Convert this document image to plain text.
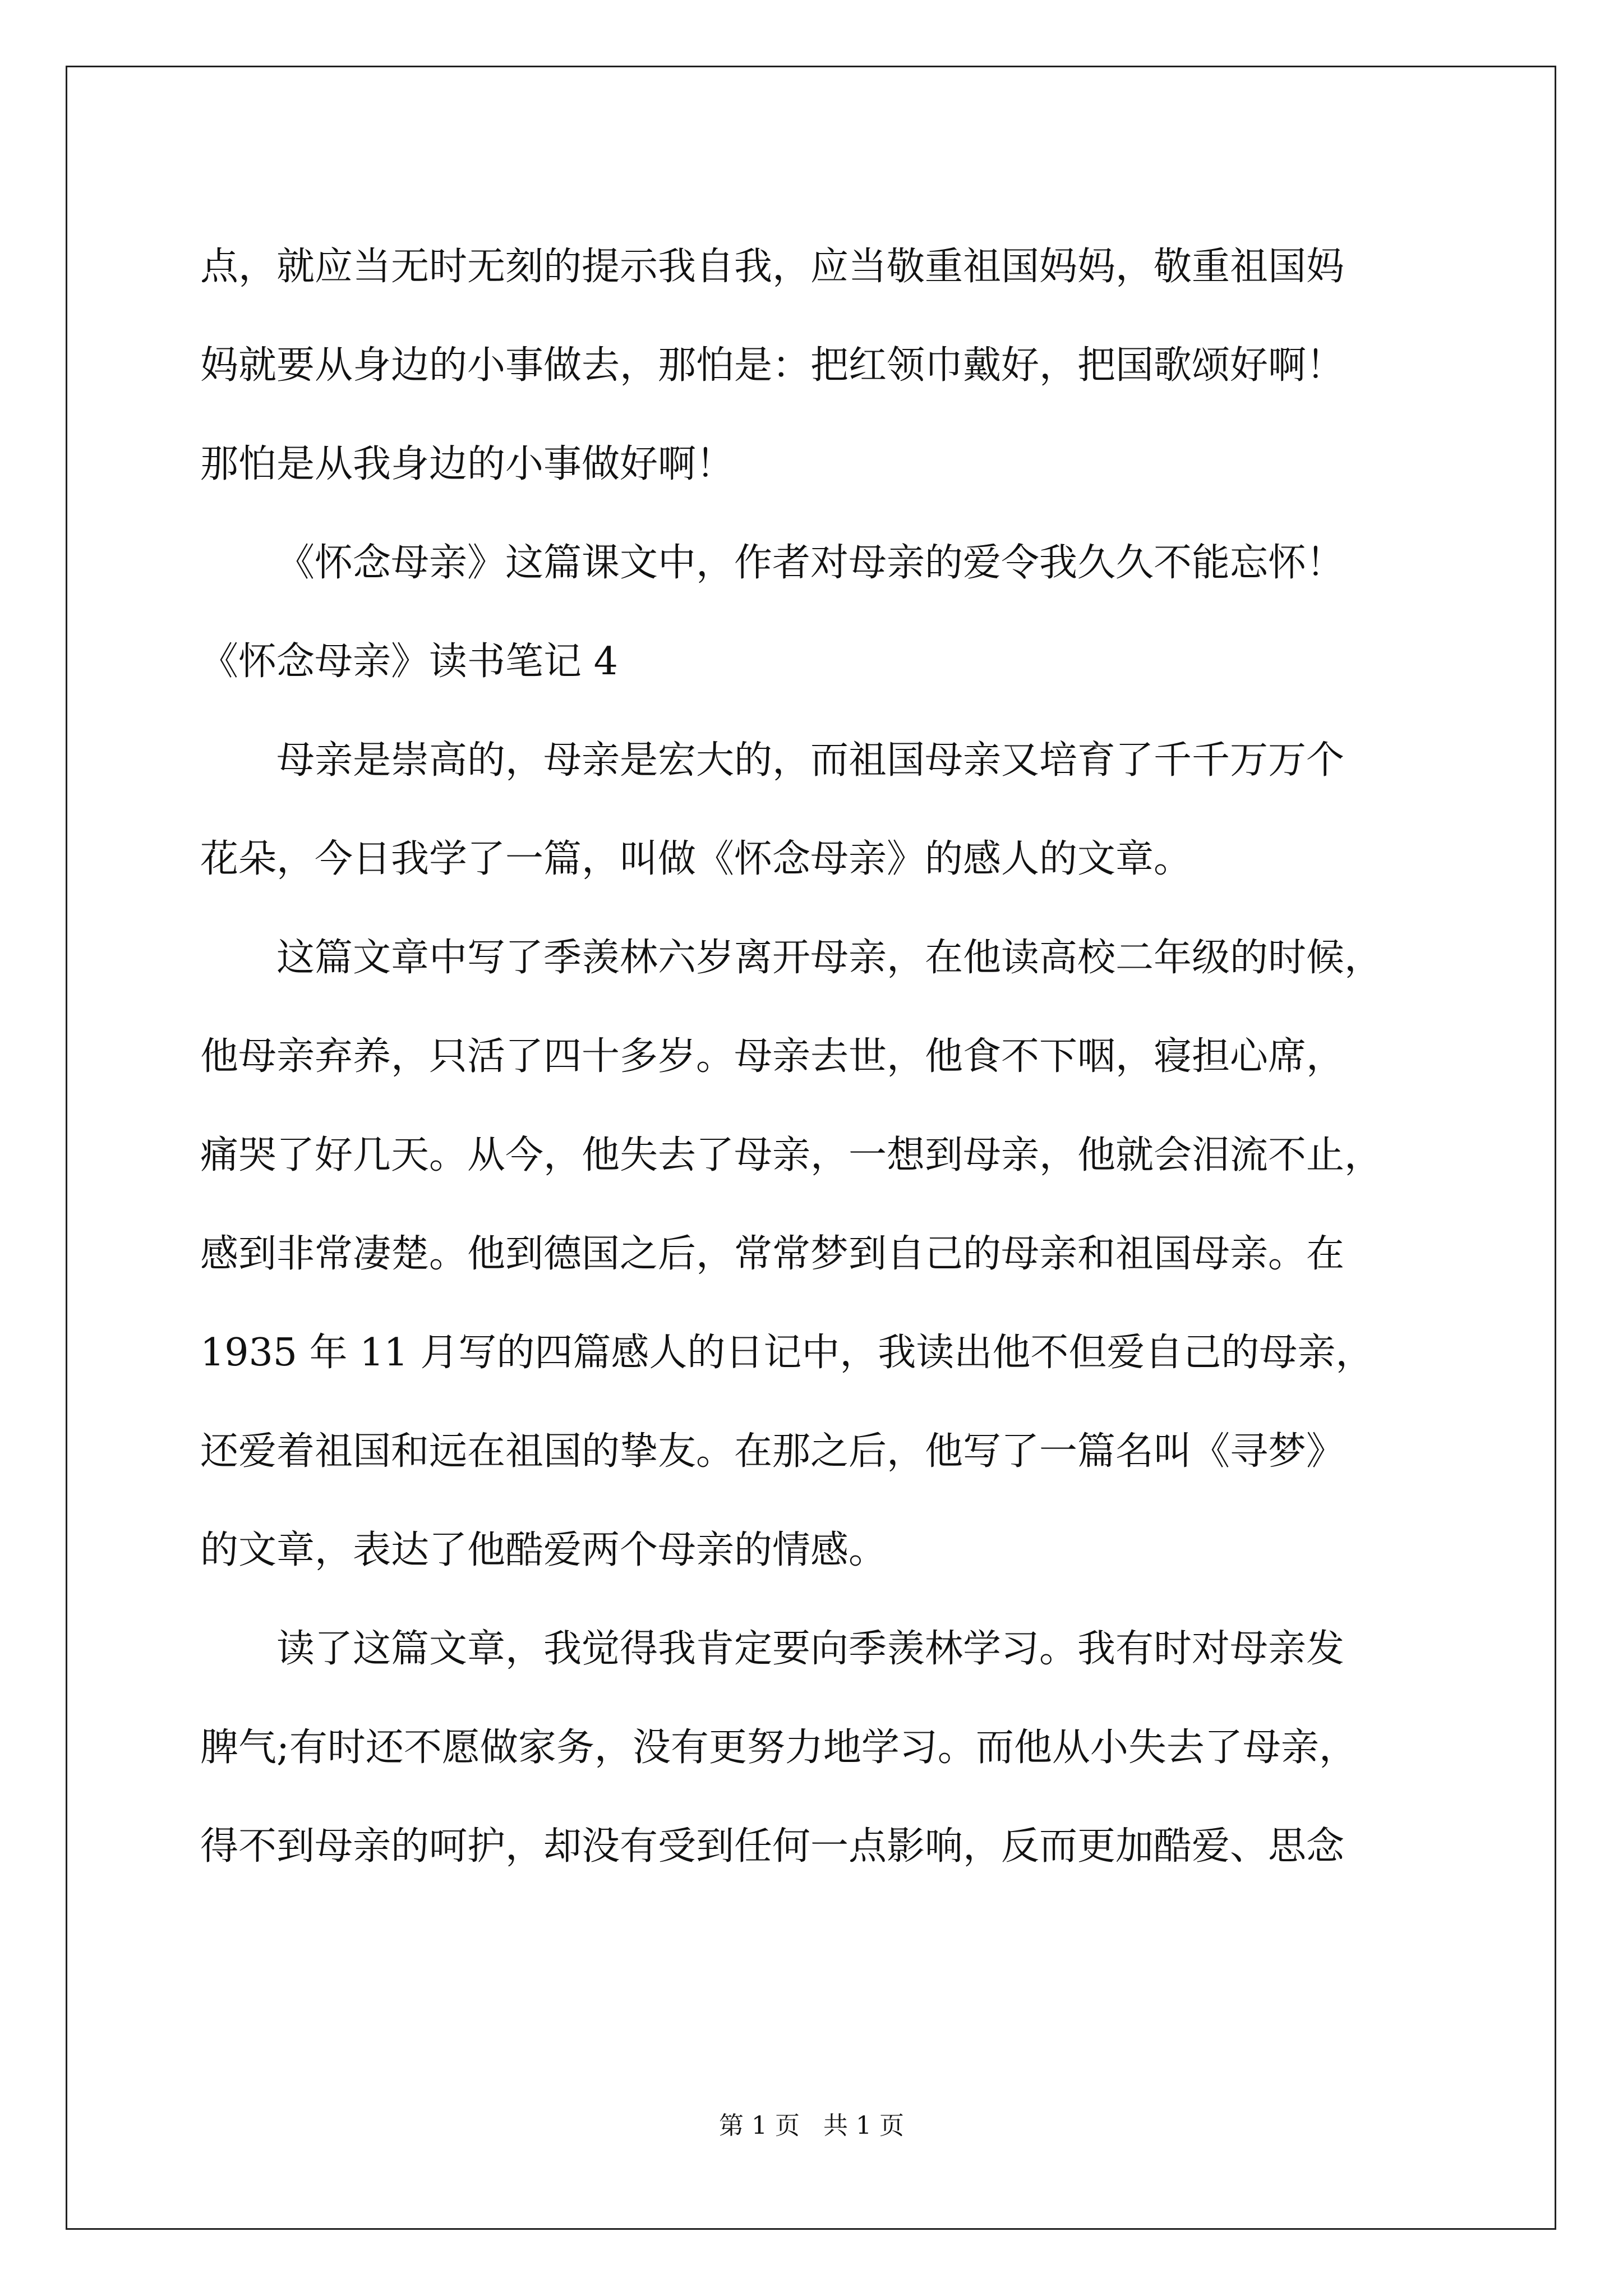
点，就应当无时无刻的提示我自我，应当敬重祖国妈妈，敬重祖国妈
妈就要从身边的小事做去，那怕是：把红领巾戴好，把国歌颂好啊！
那怕是从我身边的小事做好啊！
《怀念母亲》这篇课文中，作者对母亲的爱令我久久不能忘怀！
《怀念母亲》读书笔记 4
母亲是崇高的，母亲是宏大的，而祖国母亲又培育了千千万万个
花朵，今日我学了一篇，叫做《怀念母亲》的感人的文章。
这篇文章中写了季羡林六岁离开母亲，在他读高校二年级的时候，
他母亲弃养，只活了四十多岁。母亲去世，他食不下咽，寝担心席，
痛哭了好几天。从今，他失去了母亲，一想到母亲，他就会泪流不止，
感到非常凄楚。他到德国之后，常常梦到自己的母亲和祖国母亲。在
1935 年 11 月写的四篇感人的日记中，我读出他不但爱自己的母亲，
还爱着祖国和远在祖国的挚友。在那之后，他写了一篇名叫《寻梦》
的文章，表达了他酷爱两个母亲的情感。
读了这篇文章，我觉得我肯定要向季羡林学习。我有时对母亲发
脾气;有时还不愿做家务，没有更努力地学习。而他从小失去了母亲，
得不到母亲的呵护，却没有受到任何一点影响，反而更加酷爱、思念
第 1 页   共 1 页
